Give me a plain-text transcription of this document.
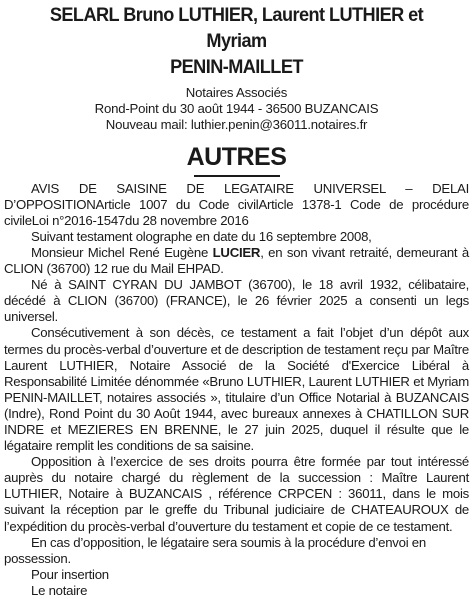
SELARL Bruno LUTHIER, Laurent LUTHIER et Myriam
PENIN-MAILLET
Notaires Associés
Rond-Point du 30 août 1944 - 36500 BUZANCAIS
Nouveau mail: luthier.penin@36011.notaires.fr
AUTRES

AVIS DE SAISINE DE LEGATAIRE UNIVERSEL – DELAI D’OPPOSITIONArticle 1007 du Code civilArticle 1378-1 Code de procédure civileLoi n°2016-1547du 28 novembre 2016

Suivant testament olographe en date du 16 septembre 2008,

Monsieur Michel René Eugène LUCIER, en son vivant retraité, demeurant à CLION (36700) 12 rue du Mail EHPAD.

Né à SAINT CYRAN DU JAMBOT (36700), le 18 avril 1932, célibataire, décédé à CLION (36700) (FRANCE), le 26 février 2025 a consenti un legs universel.

Consécutivement à son décès, ce testament a fait l’objet d’un dépôt aux termes du procès-verbal d’ouverture et de description de testament reçu par Maître Laurent LUTHIER, Notaire Associé de la Société d'Exercice Libéral à Responsabilité Limitée dénommée «Bruno LUTHIER, Laurent LUTHIER et Myriam PENIN-MAILLET, notaires associés », titulaire d’un Office Notarial à BUZANCAIS (Indre), Rond Point du 30 Août 1944, avec bureaux annexes à CHATILLON SUR INDRE et MEZIERES EN BRENNE, le 27 juin 2025, duquel il résulte que le légataire remplit les conditions de sa saisine.

Opposition à l’exercice de ses droits pourra être formée par tout intéressé auprès du notaire chargé du règlement de la succession : Maître Laurent LUTHIER, Notaire à BUZANCAIS , référence CRPCEN : 36011, dans le mois suivant la réception par le greffe du Tribunal judiciaire de CHATEAUROUX de l’expédition du procès-verbal d’ouverture du testament et copie de ce testament.

En cas d’opposition, le légataire sera soumis à la procédure d’envoi en possession.

Pour insertion

Le notaire
